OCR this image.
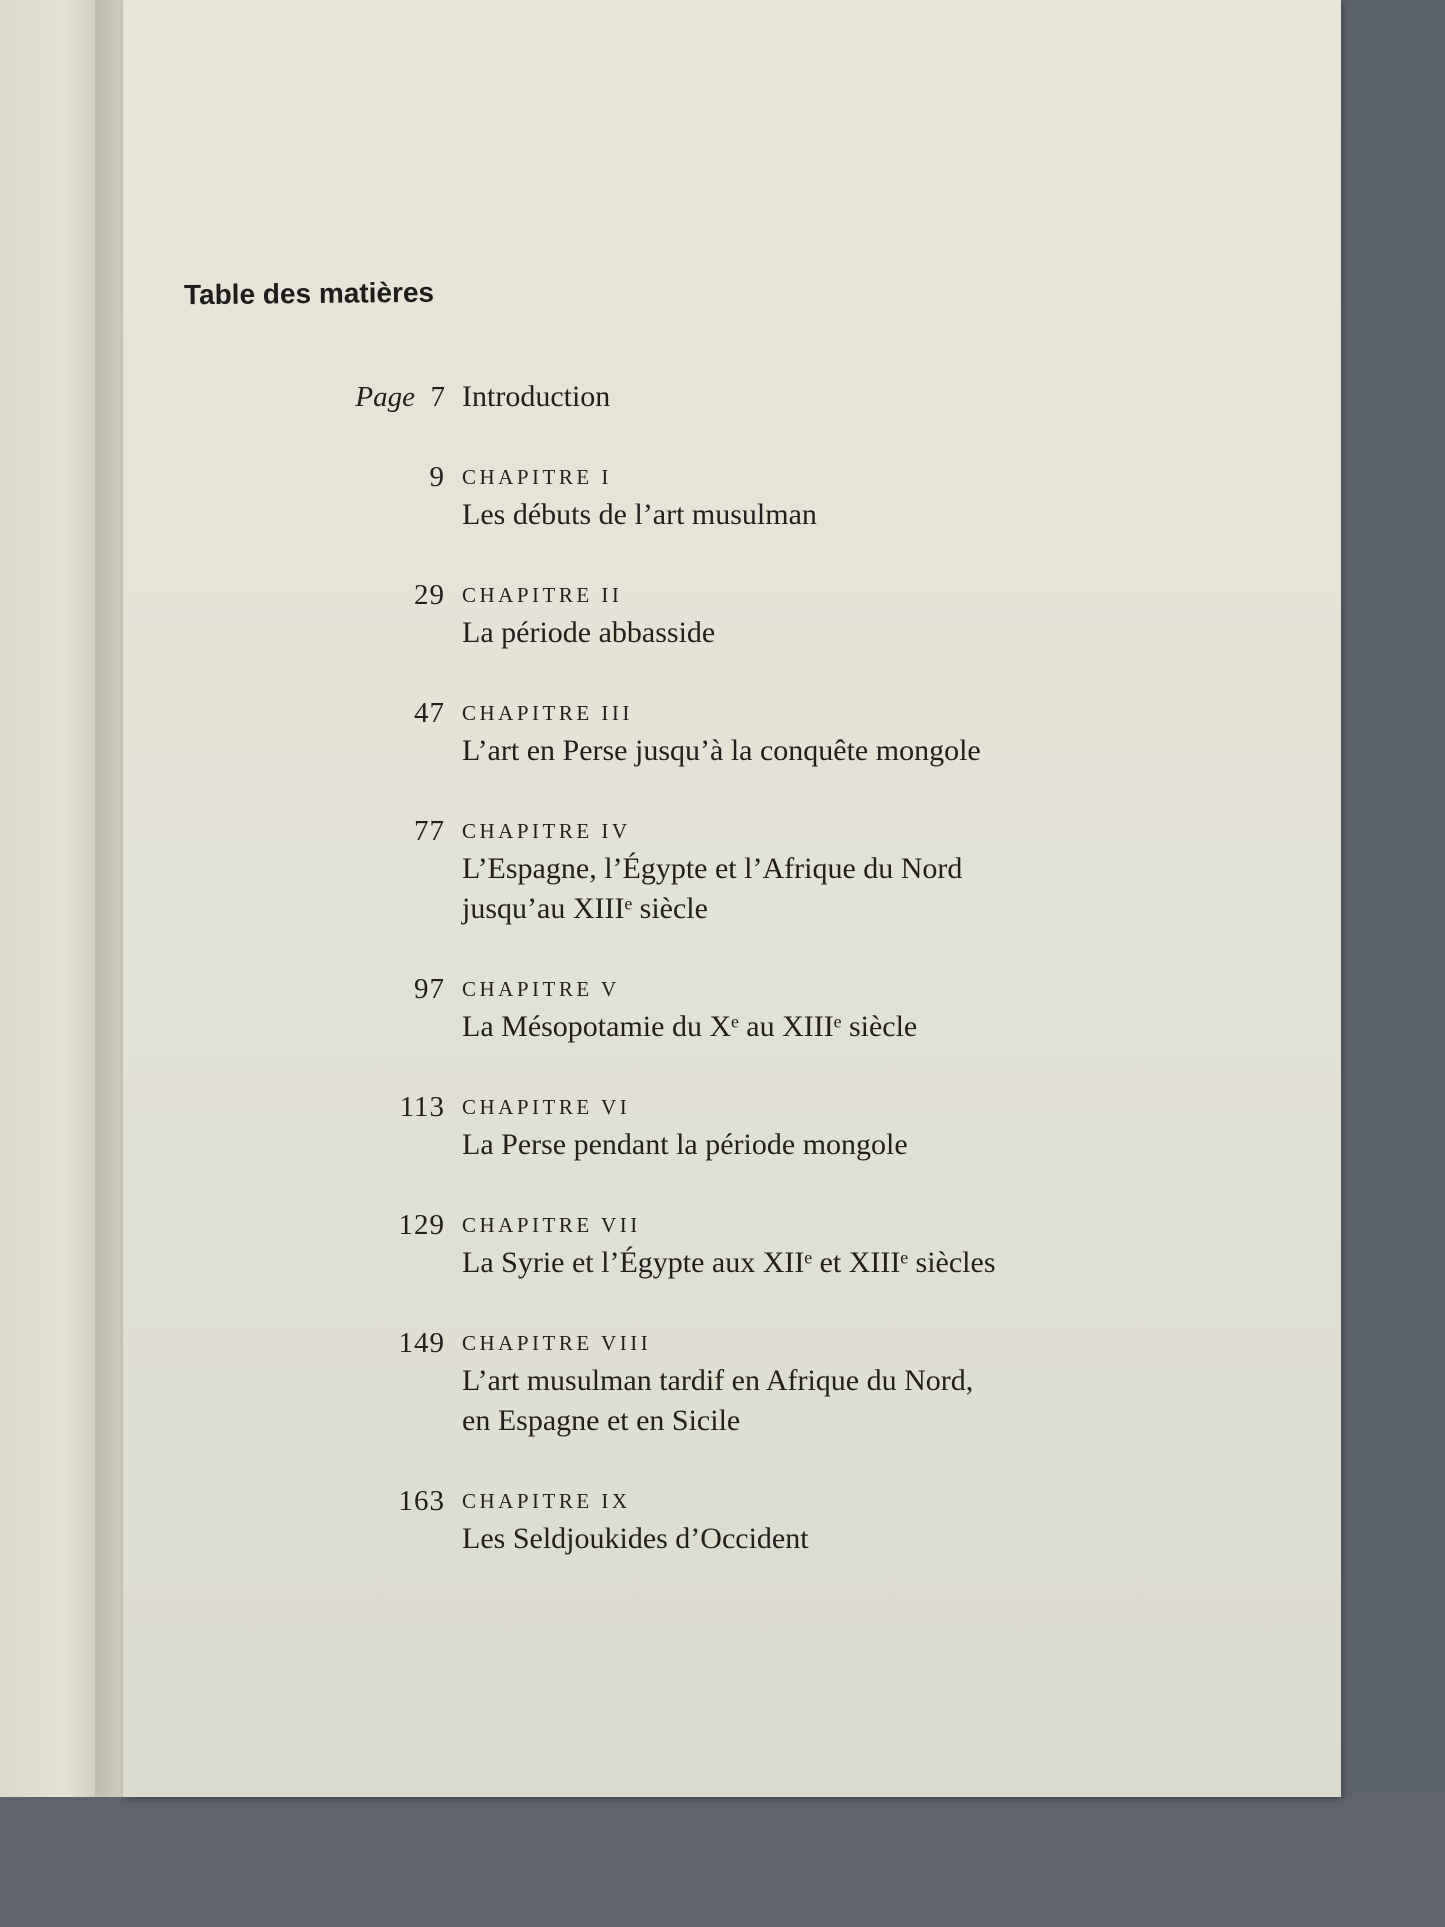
Table des matières
Page 7 Introduction
9 CHAPITRE I
Les débuts de l’art musulman
29 CHAPITRE II
La période abbasside
47 CHAPITRE III
L’art en Perse jusqu’à la conquête mongole
77 CHAPITRE IV
L’Espagne, l’Égypte et l’Afrique du Nord
jusqu’au XIIIᵉ siècle
97 CHAPITRE V
La Mésopotamie du Xᵉ au XIIIᵉ siècle
113 CHAPITRE VI
La Perse pendant la période mongole
129 CHAPITRE VII
La Syrie et l’Égypte aux XIIᵉ et XIIIᵉ siècles
149 CHAPITRE VIII
L’art musulman tardif en Afrique du Nord,
en Espagne et en Sicile
163 CHAPITRE IX
Les Seldjoukides d’Occident
